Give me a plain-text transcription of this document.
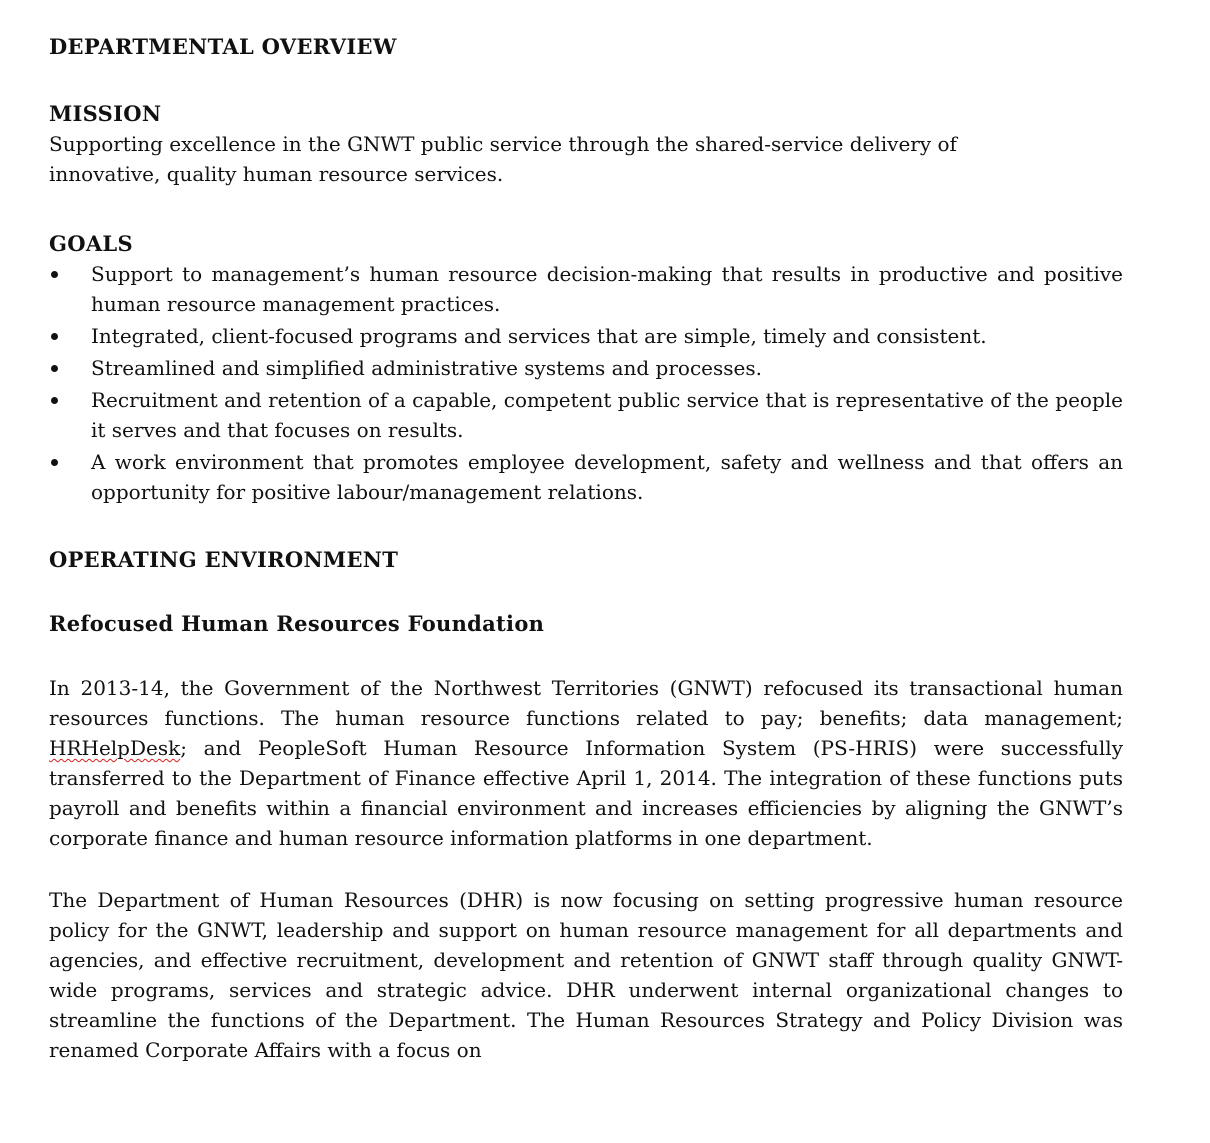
DEPARTMENTAL OVERVIEW
MISSION

Supporting excellence in the GNWT public service through the shared-service delivery of innovative, quality human resource services.

GOALS
Support to management’s human resource decision-making that results in productive and positive human resource management practices.
Integrated, client-focused programs and services that are simple, timely and consistent.
Streamlined and simplified administrative systems and processes.
Recruitment and retention of a capable, competent public service that is representative of the people it serves and that focuses on results.
A work environment that promotes employee development, safety and wellness and that offers an opportunity for positive labour/management relations.
OPERATING ENVIRONMENT
Refocused Human Resources Foundation

In 2013-14, the Government of the Northwest Territories (GNWT) refocused its transactional human resources functions. The human resource functions related to pay; benefits; data management; HRHelpDesk; and PeopleSoft Human Resource Information System (PS-HRIS) were successfully transferred to the Department of Finance effective April 1, 2014. The integration of these functions puts payroll and benefits within a financial environment and increases efficiencies by aligning the GNWT’s corporate finance and human resource information platforms in one department.

The Department of Human Resources (DHR) is now focusing on setting progressive human resource policy for the GNWT, leadership and support on human resource management for all departments and agencies, and effective recruitment, development and retention of GNWT staff through quality GNWT-wide programs, services and strategic advice. DHR underwent internal organizational changes to streamline the functions of the Department. The Human Resources Strategy and Policy Division was renamed Corporate Affairs with a focus on
